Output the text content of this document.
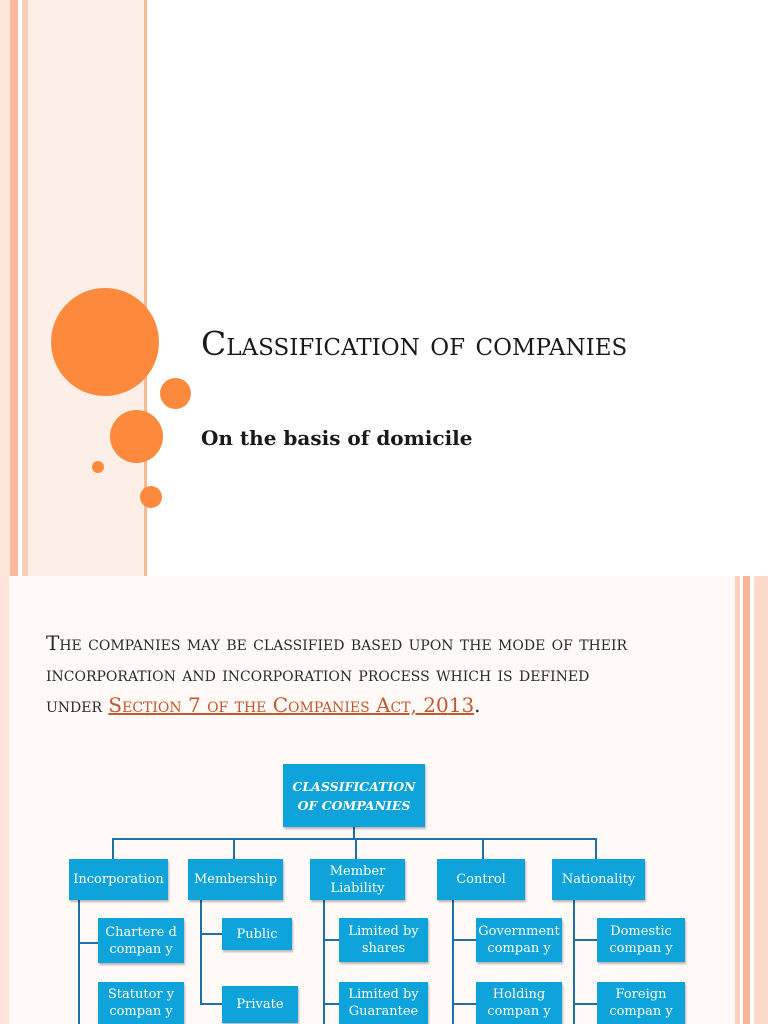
Classification of companies

On the basis of domicile

The companies may be classified based upon the mode of their incorporation and incorporation process which is defined under Section 7 of the Companies Act, 2013.

CLASSIFICATION OF COMPANIES
Incorporation	Membership
Member Liability
Control	Nationality
Chartere d compan y
Statutor y compan y
Public
Private
Limited by shares
Limited by Guarantee
Government compan y
Holding compan y
Domestic compan y
Foreign compan y
